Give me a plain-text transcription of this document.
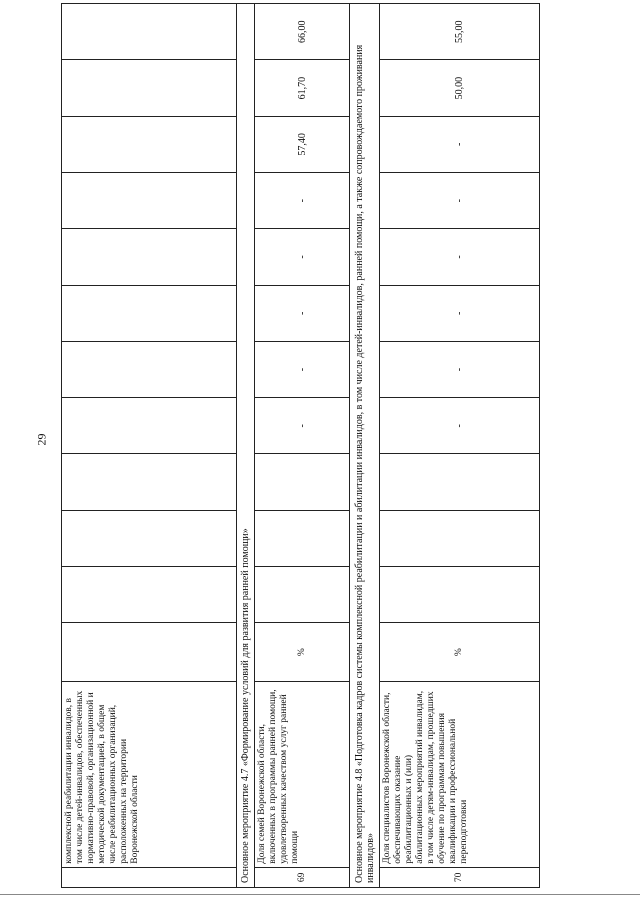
29
	комплексной реабилитации инвалидов, в том числе детей-инвалидов, обеспеченных нормативно-правовой, организационной и методической документацией, в общем числе реабилитационных организаций, расположенных на территории Воронежской области												
Основное мероприятие 4.7 «Формирование условий для развития ранней помощи»													
69	Доля семей Воронежской области, включенных в программы ранней помощи, удовлетворенных качеством услуг ранней помощи	%				-	-	-	-	-	57,40	61,70	66,00
Основное мероприятие 4.8 «Подготовка кадров системы комплексной реабилитации и абилитации инвалидов, в том числе детей-инвалидов, ранней помощи, а также сопровождаемого проживания инвалидов»													
70	Доля специалистов Воронежской области, обеспечивающих оказание реабилитационных и (или) абилитационных мероприятий инвалидам, в том числе детям-инвалидам, прошедших обучение по программам повышения квалификации и профессиональной переподготовки	%				-	-	-	-	-	-	50,00	55,00
